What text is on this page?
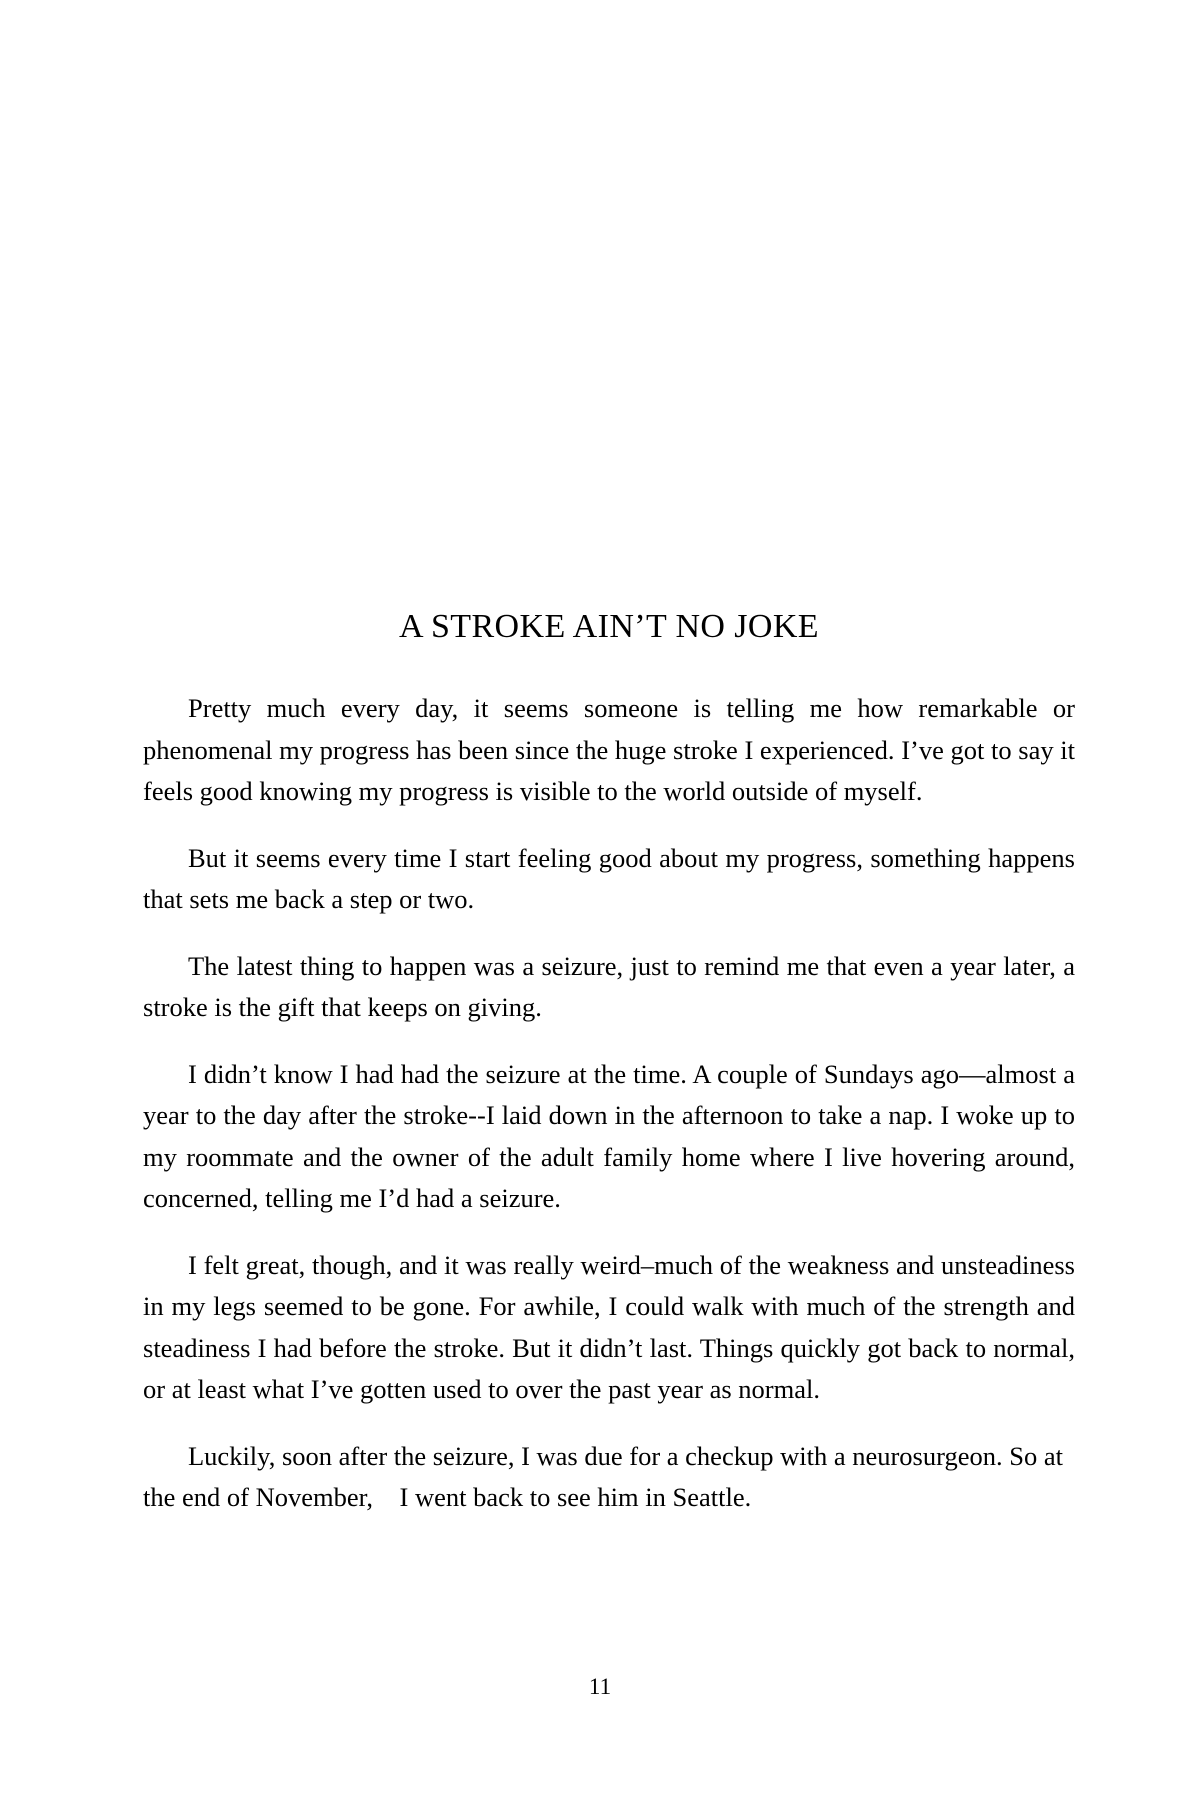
A STROKE AIN’T NO JOKE

Pretty much every day, it seems someone is telling me how remarkable or phenomenal my progress has been since the huge stroke I experienced. I’ve got to say it feels good knowing my progress is visible to the world outside of myself.

But it seems every time I start feeling good about my progress, something happens that sets me back a step or two.

The latest thing to happen was a seizure, just to remind me that even a year later, a stroke is the gift that keeps on giving.

I didn’t know I had had the seizure at the time. A couple of Sundays ago—almost a year to the day after the stroke--I laid down in the afternoon to take a nap. I woke up to my roommate and the owner of the adult family home where I live hovering around, concerned, telling me I’d had a seizure.

I felt great, though, and it was really weird–much of the weakness and unsteadiness in my legs seemed to be gone. For awhile, I could walk with much of the strength and steadiness I had before the stroke. But it didn’t last. Things quickly got back to normal, or at least what I’ve gotten used to over the past year as normal.

Luckily, soon after the seizure, I was due for a checkup with a neurosurgeon. So at the end of November,    I went back to see him in Seattle.

11
